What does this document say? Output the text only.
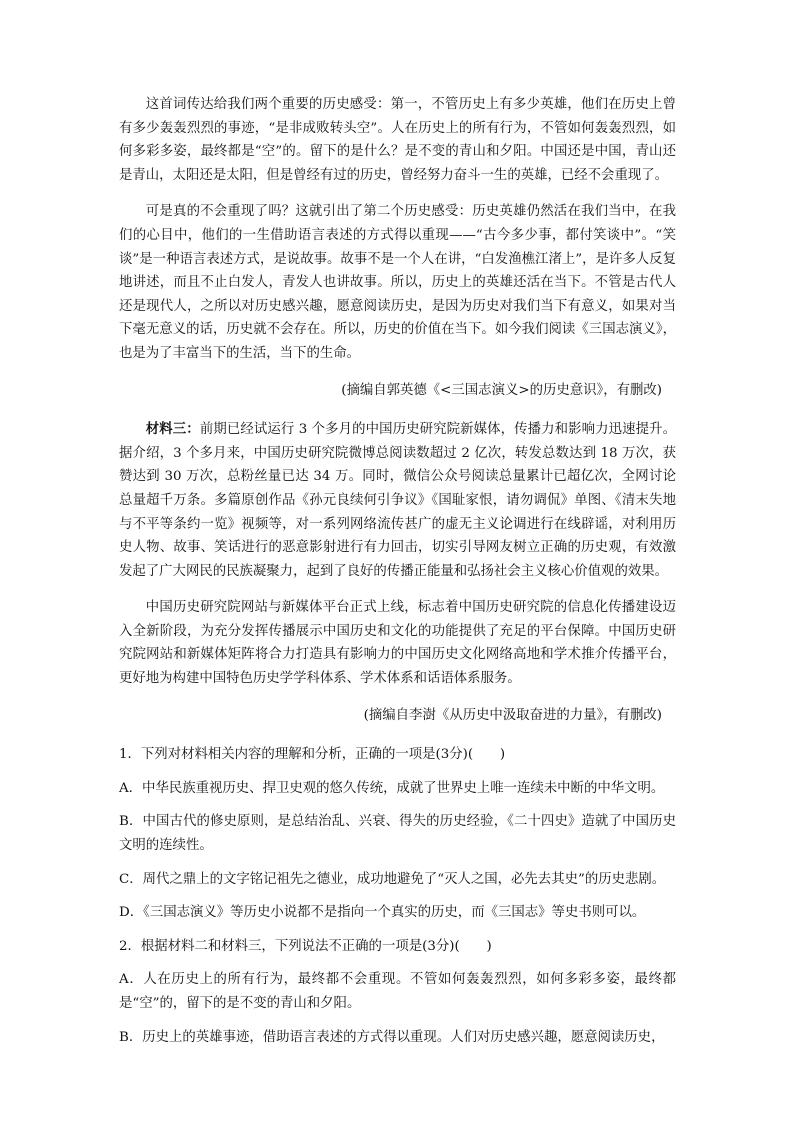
这首词传达给我们两个重要的历史感受：第一，不管历史上有多少英雄，他们在历史上曾有多少轰轰烈烈的事迹，“是非成败转头空”。人在历史上的所有行为，不管如何轰轰烈烈，如何多彩多姿，最终都是“空”的。留下的是什么？是不变的青山和夕阳。中国还是中国，青山还是青山，太阳还是太阳，但是曾经有过的历史，曾经努力奋斗一生的英雄，已经不会重现了。

可是真的不会重现了吗？这就引出了第二个历史感受：历史英雄仍然活在我们当中，在我们的心目中，他们的一生借助语言表述的方式得以重现——“古今多少事，都付笑谈中”。“笑谈”是一种语言表述方式，是说故事。故事不是一个人在讲，“白发渔樵江渚上”，是许多人反复地讲述，而且不止白发人，青发人也讲故事。所以，历史上的英雄还活在当下。不管是古代人还是现代人，之所以对历史感兴趣，愿意阅读历史，是因为历史对我们当下有意义，如果对当下毫无意义的话，历史就不会存在。所以，历史的价值在当下。如今我们阅读《三国志演义》，也是为了丰富当下的生活，当下的生命。

(摘编自郭英德《<三国志演义>的历史意识》，有删改)

材料三：前期已经试运行 3 个多月的中国历史研究院新媒体，传播力和影响力迅速提升。据介绍，3 个多月来，中国历史研究院微博总阅读数超过 2 亿次，转发总数达到 18 万次，获赞达到 30 万次，总粉丝量已达 34 万。同时，微信公众号阅读总量累计已超亿次，全网讨论总量超千万条。多篇原创作品《孙元良续何引争议》《国耻家恨，请勿调侃》单图、《清末失地与不平等条约一览》视频等，对一系列网络流传甚广的虚无主义论调进行在线辟谣，对利用历史人物、故事、笑话进行的恶意影射进行有力回击，切实引导网友树立正确的历史观，有效激发起了广大网民的民族凝聚力，起到了良好的传播正能量和弘扬社会主义核心价值观的效果。

中国历史研究院网站与新媒体平台正式上线，标志着中国历史研究院的信息化传播建设迈入全新阶段，为充分发挥传播展示中国历史和文化的功能提供了充足的平台保障。中国历史研究院网站和新媒体矩阵将合力打造具有影响力的中国历史文化网络高地和学术推介传播平台，更好地为构建中国特色历史学学科体系、学术体系和话语体系服务。

(摘编自李澍《从历史中汲取奋进的力量》，有删改)

1．下列对材料相关内容的理解和分析，正确的一项是(3分)(　　)

A．中华民族重视历史、捍卫史观的悠久传统，成就了世界史上唯一连续未中断的中华文明。

B．中国古代的修史原则，是总结治乱、兴衰、得失的历史经验，《二十四史》造就了中国历史文明的连续性。

C．周代之鼎上的文字铭记祖先之德业，成功地避免了“灭人之国，必先去其史”的历史悲剧。

D．《三国志演义》等历史小说都不是指向一个真实的历史，而《三国志》等史书则可以。

2．根据材料二和材料三，下列说法不正确的一项是(3分)(　　)

A．人在历史上的所有行为，最终都不会重现。不管如何轰轰烈烈，如何多彩多姿，最终都是“空”的，留下的是不变的青山和夕阳。

B．历史上的英雄事迹，借助语言表述的方式得以重现。人们对历史感兴趣，愿意阅读历史，
